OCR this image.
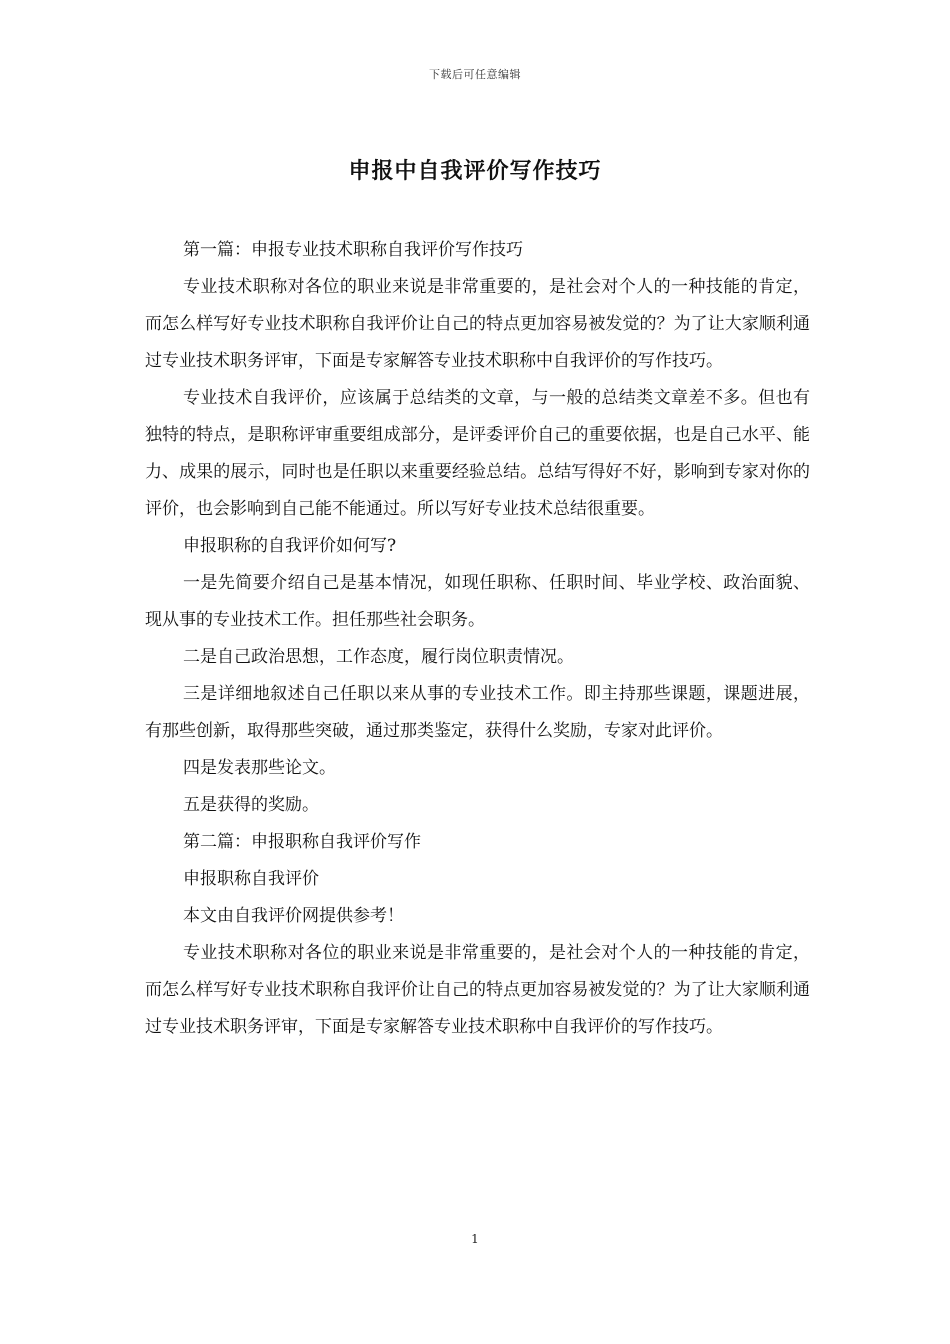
下载后可任意编辑
申报中自我评价写作技巧

第一篇：申报专业技术职称自我评价写作技巧

专业技术职称对各位的职业来说是非常重要的，是社会对个人的一种技能的肯定，而怎么样写好专业技术职称自我评价让自己的特点更加容易被发觉的？为了让大家顺利通过专业技术职务评审，下面是专家解答专业技术职称中自我评价的写作技巧。

专业技术自我评价，应该属于总结类的文章，与一般的总结类文章差不多。但也有独特的特点，是职称评审重要组成部分，是评委评价自己的重要依据，也是自己水平、能力、成果的展示，同时也是任职以来重要经验总结。总结写得好不好，影响到专家对你的评价，也会影响到自己能不能通过。所以写好专业技术总结很重要。

申报职称的自我评价如何写?

一是先简要介绍自己是基本情况，如现任职称、任职时间、毕业学校、政治面貌、现从事的专业技术工作。担任那些社会职务。

二是自己政治思想，工作态度，履行岗位职责情况。

三是详细地叙述自己任职以来从事的专业技术工作。即主持那些课题，课题进展，有那些创新，取得那些突破，通过那类鉴定，获得什么奖励，专家对此评价。

四是发表那些论文。

五是获得的奖励。

第二篇：申报职称自我评价写作

申报职称自我评价

本文由自我评价网提供参考！

专业技术职称对各位的职业来说是非常重要的，是社会对个人的一种技能的肯定，而怎么样写好专业技术职称自我评价让自己的特点更加容易被发觉的？为了让大家顺利通过专业技术职务评审，下面是专家解答专业技术职称中自我评价的写作技巧。

1
